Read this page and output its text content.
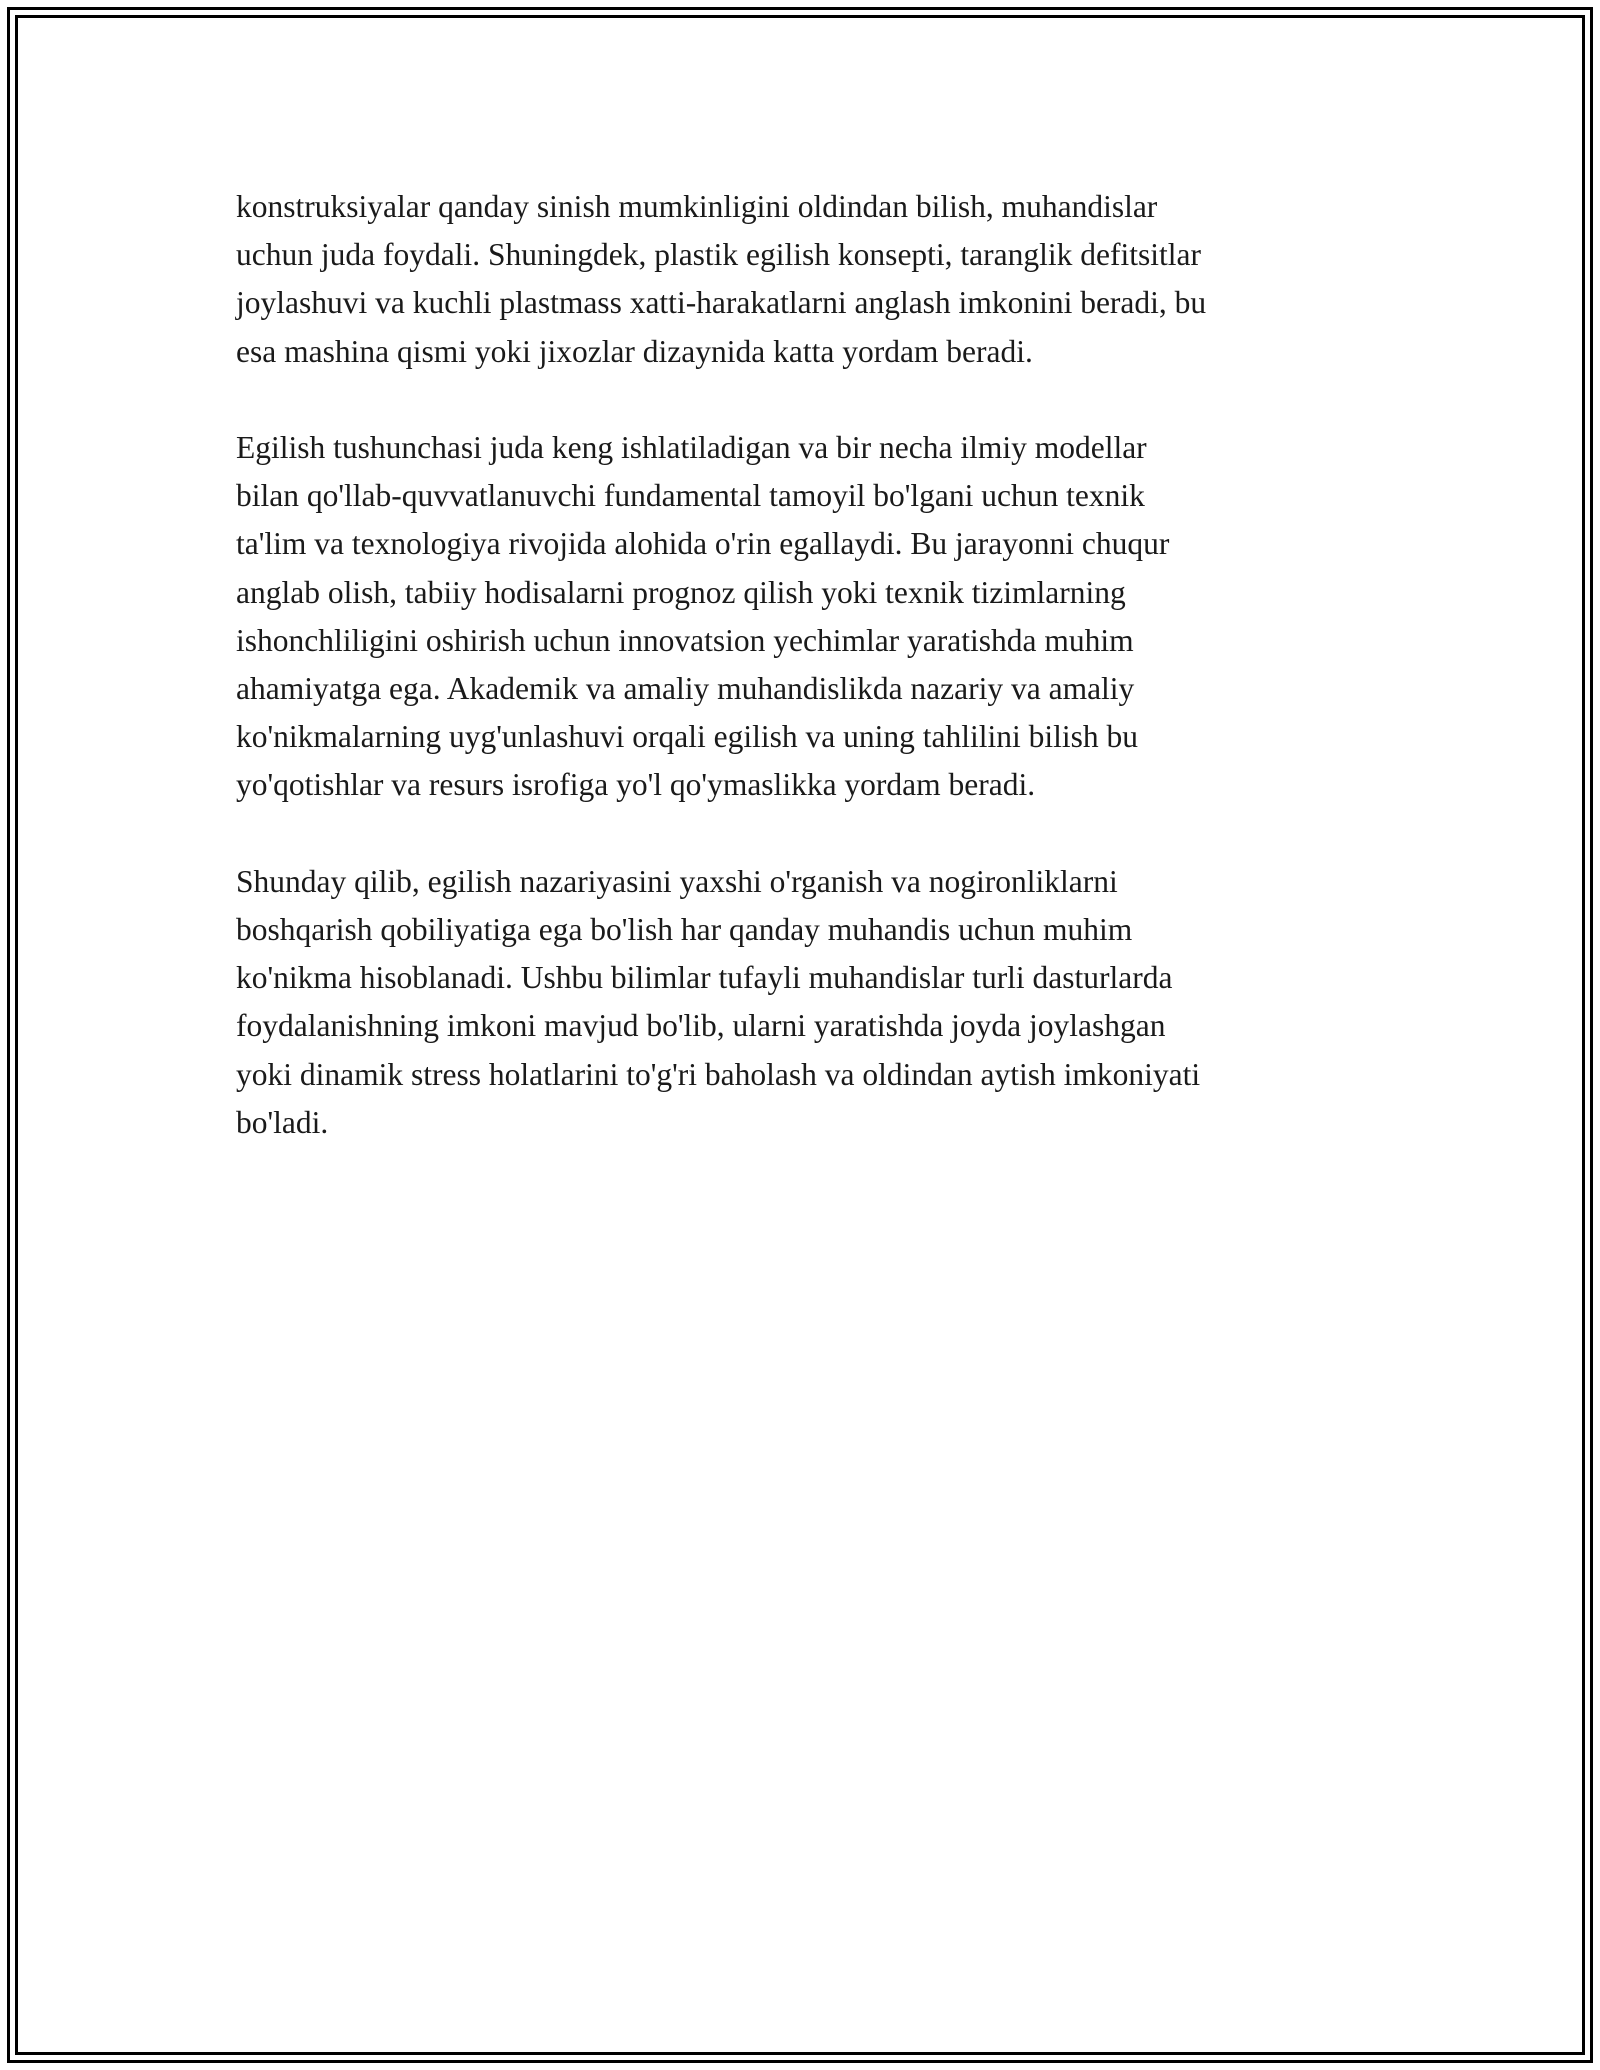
konstruksiyalar qanday sinish mumkinligini oldindan bilish, muhandislar
uchun juda foydali. Shuningdek, plastik egilish konsepti, taranglik defitsitlar
joylashuvi va kuchli plastmass xatti-harakatlarni anglash imkonini beradi, bu
esa mashina qismi yoki jixozlar dizaynida katta yordam beradi.

Egilish tushunchasi juda keng ishlatiladigan va bir necha ilmiy modellar
bilan qo'llab-quvvatlanuvchi fundamental tamoyil bo'lgani uchun texnik
ta'lim va texnologiya rivojida alohida o'rin egallaydi. Bu jarayonni chuqur
anglab olish, tabiiy hodisalarni prognoz qilish yoki texnik tizimlarning
ishonchliligini oshirish uchun innovatsion yechimlar yaratishda muhim
ahamiyatga ega. Akademik va amaliy muhandislikda nazariy va amaliy
ko'nikmalarning uyg'unlashuvi orqali egilish va uning tahlilini bilish bu
yo'qotishlar va resurs isrofiga yo'l qo'ymaslikka yordam beradi.

Shunday qilib, egilish nazariyasini yaxshi o'rganish va nogironliklarni
boshqarish qobiliyatiga ega bo'lish har qanday muhandis uchun muhim
ko'nikma hisoblanadi. Ushbu bilimlar tufayli muhandislar turli dasturlarda
foydalanishning imkoni mavjud bo'lib, ularni yaratishda joyda joylashgan
yoki dinamik stress holatlarini to'g'ri baholash va oldindan aytish imkoniyati
bo'ladi.
